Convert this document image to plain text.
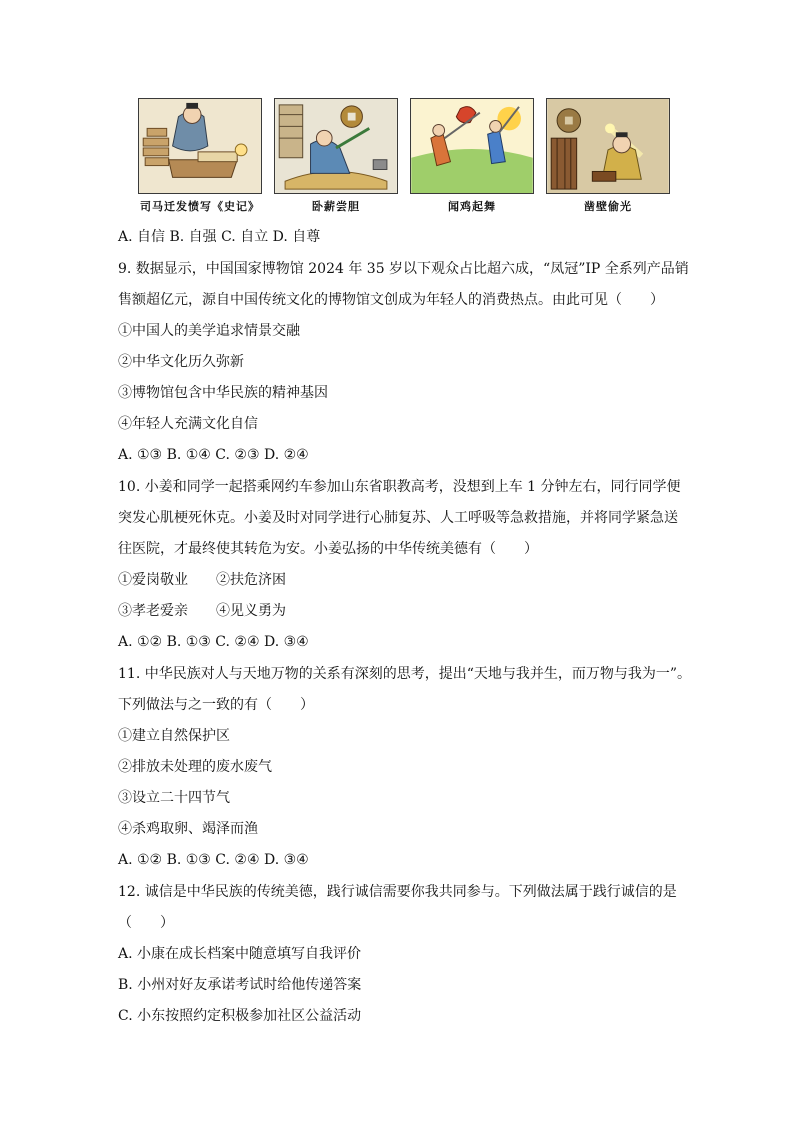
司马迁发愤写《史记》	卧薪尝胆	闻鸡起舞	凿壁偷光
A. 自信 B. 自强 C. 自立 D. 自尊
9. 数据显示，中国国家博物馆 2024 年 35 岁以下观众占比超六成，“凤冠”IP 全系列产品销
售额超亿元，源自中国传统文化的博物馆文创成为年轻人的消费热点。由此可见（　　）
①中国人的美学追求情景交融
②中华文化历久弥新
③博物馆包含中华民族的精神基因
④年轻人充满文化自信
A. ①③ B. ①④ C. ②③ D. ②④
10. 小姜和同学一起搭乘网约车参加山东省职教高考，没想到上车 1 分钟左右，同行同学便
突发心肌梗死休克。小姜及时对同学进行心肺复苏、人工呼吸等急救措施，并将同学紧急送
往医院，才最终使其转危为安。小姜弘扬的中华传统美德有（　　）
①爱岗敬业　　②扶危济困
③孝老爱亲　　④见义勇为
A. ①② B. ①③ C. ②④ D. ③④
11. 中华民族对人与天地万物的关系有深刻的思考，提出“天地与我并生，而万物与我为一”。
下列做法与之一致的有（　　）
①建立自然保护区
②排放未处理的废水废气
③设立二十四节气
④杀鸡取卵、竭泽而渔
A. ①② B. ①③ C. ②④ D. ③④
12. 诚信是中华民族的传统美德，践行诚信需要你我共同参与。下列做法属于践行诚信的是
（　　）
A. 小康在成长档案中随意填写自我评价
B. 小州对好友承诺考试时给他传递答案
C. 小东按照约定积极参加社区公益活动
